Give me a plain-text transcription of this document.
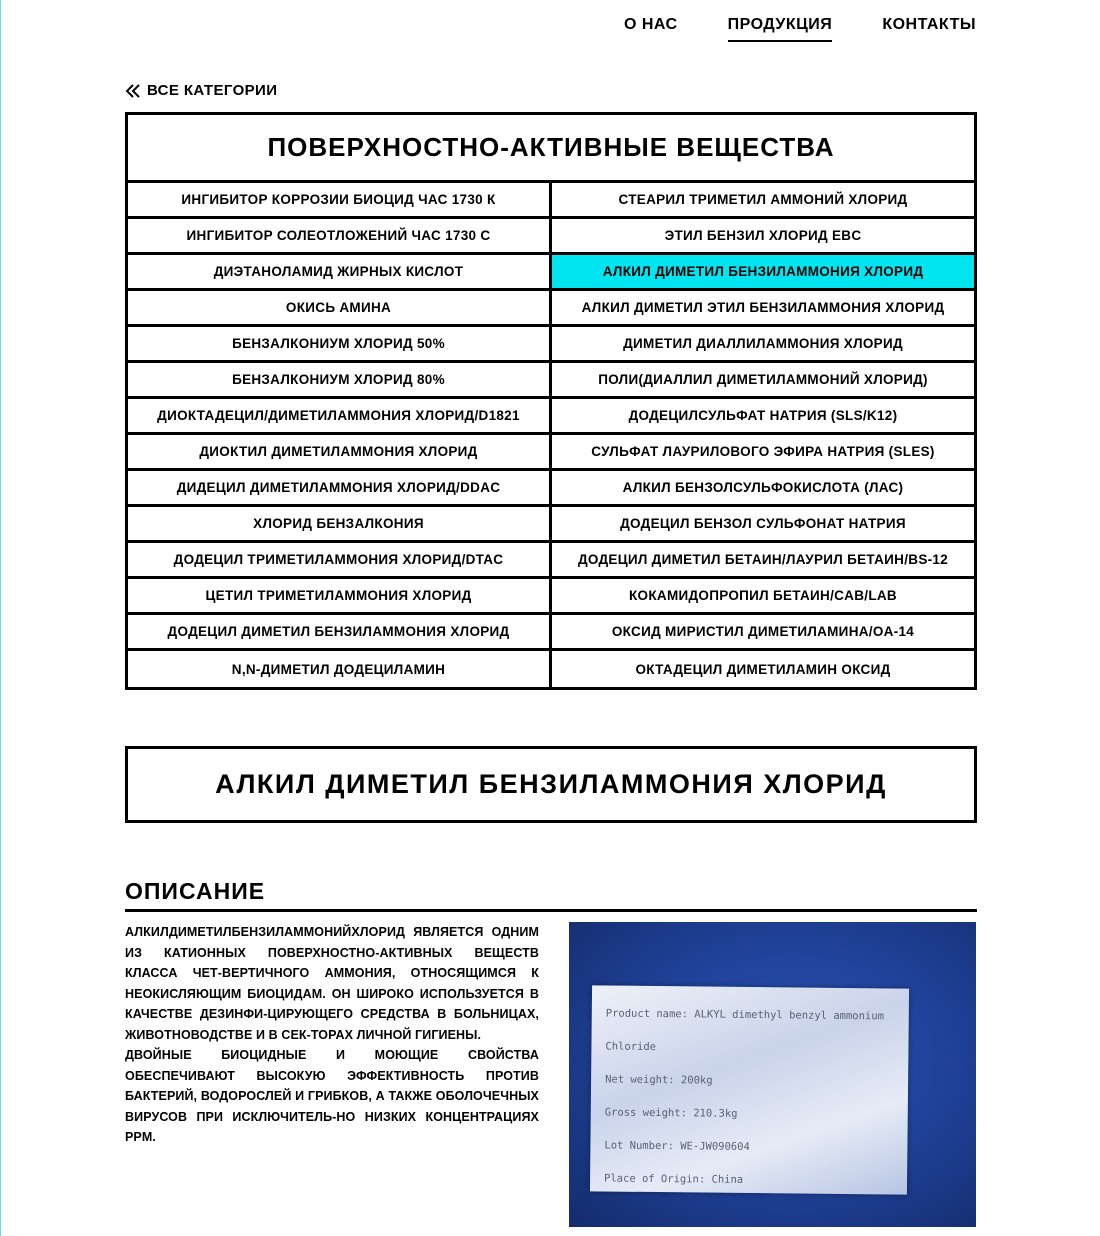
О НАС	ПРОДУКЦИЯ	КОНТАКТЫ
ВСЕ КАТЕГОРИИ
ПОВЕРХНОСТНО-АКТИВНЫЕ ВЕЩЕСТВА
ИНГИБИТОР КОРРОЗИИ БИОЦИД ЧАС 1730 К	СТЕАРИЛ ТРИМЕТИЛ АММОНИЙ ХЛОРИД
ИНГИБИТОР СОЛЕОТЛОЖЕНИЙ ЧАС 1730 С	ЭТИЛ БЕНЗИЛ ХЛОРИД EBC
ДИЭТАНОЛАМИД ЖИРНЫХ КИСЛОТ	АЛКИЛ ДИМЕТИЛ БЕНЗИЛАММОНИЯ ХЛОРИД
ОКИСЬ АМИНА	АЛКИЛ ДИМЕТИЛ ЭТИЛ БЕНЗИЛАММОНИЯ ХЛОРИД
БЕНЗАЛКОНИУМ ХЛОРИД 50%	ДИМЕТИЛ ДИАЛЛИЛАММОНИЯ ХЛОРИД
БЕНЗАЛКОНИУМ ХЛОРИД 80%	ПОЛИ(ДИАЛЛИЛ ДИМЕТИЛАММОНИЙ ХЛОРИД)
ДИОКТАДЕЦИЛ/ДИМЕТИЛАММОНИЯ ХЛОРИД/D1821	ДОДЕЦИЛСУЛЬФАТ НАТРИЯ (SLS/K12)
ДИОКТИЛ ДИМЕТИЛАММОНИЯ ХЛОРИД	СУЛЬФАТ ЛАУРИЛОВОГО ЭФИРА НАТРИЯ (SLES)
ДИДЕЦИЛ ДИМЕТИЛАММОНИЯ ХЛОРИД/DDAC	АЛКИЛ БЕНЗОЛСУЛЬФОКИСЛОТА (ЛАС)
ХЛОРИД БЕНЗАЛКОНИЯ	ДОДЕЦИЛ БЕНЗОЛ СУЛЬФОНАТ НАТРИЯ
ДОДЕЦИЛ ТРИМЕТИЛАММОНИЯ ХЛОРИД/DTAC	ДОДЕЦИЛ ДИМЕТИЛ БЕТАИН/ЛАУРИЛ БЕТАИН/BS-12
ЦЕТИЛ ТРИМЕТИЛАММОНИЯ ХЛОРИД	КОКАМИДОПРОПИЛ БЕТАИН/CAB/LAB
ДОДЕЦИЛ ДИМЕТИЛ БЕНЗИЛАММОНИЯ ХЛОРИД	ОКСИД МИРИСТИЛ ДИМЕТИЛАМИНА/OA-14
N,N-ДИМЕТИЛ ДОДЕЦИЛАМИН	ОКТАДЕЦИЛ ДИМЕТИЛАМИН ОКСИД
АЛКИЛ ДИМЕТИЛ БЕНЗИЛАММОНИЯ ХЛОРИД
ОПИСАНИЕ

АЛКИЛДИМЕТИЛБЕНЗИЛАММОНИЙХЛОРИД ЯВЛЯЕТСЯ ОДНИМ ИЗ КАТИОННЫХ ПОВЕРХНОСТНО-АКТИВНЫХ ВЕЩЕСТВ КЛАССА ЧЕТ-ВЕРТИЧНОГО АММОНИЯ, ОТНОСЯЩИМСЯ К НЕОКИСЛЯЮЩИМ БИОЦИДАМ. ОН ШИРОКО ИСПОЛЬЗУЕТСЯ В КАЧЕСТВЕ ДЕЗИНФИ-ЦИРУЮЩЕГО СРЕДСТВА В БОЛЬНИЦАХ, ЖИВОТНОВОДСТВЕ И В СЕК-ТОРАХ ЛИЧНОЙ ГИГИЕНЫ.

ДВОЙНЫЕ БИОЦИДНЫЕ И МОЮЩИЕ СВОЙСТВА ОБЕСПЕЧИВАЮТ ВЫСОКУЮ ЭФФЕКТИВНОСТЬ ПРОТИВ БАКТЕРИЙ, ВОДОРОСЛЕЙ И ГРИБКОВ, А ТАКЖЕ ОБОЛОЧЕЧНЫХ ВИРУСОВ ПРИ ИСКЛЮЧИТЕЛЬ-НО НИЗКИХ КОНЦЕНТРАЦИЯХ PPM.

Product name: ALKYL dimethyl benzyl ammonium
Chloride
Net weight: 200kg
Gross weight: 210.3kg
Lot Number: WE-JW090604
Place of Origin: China
